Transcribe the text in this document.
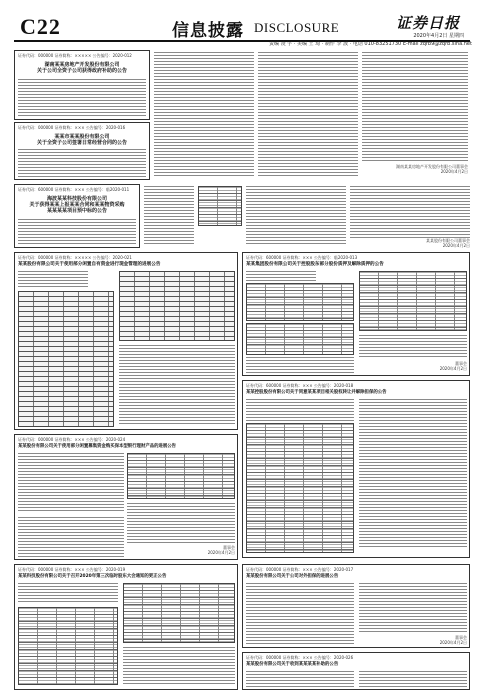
C22	信息披露 DISCLOSURE	证券日报
2020年4月2日 星期四
责编 凌 宇 · 美编 王 琦 · 制作 李 波 · 电话 010-83251730 E-mail zqrb9@zqrb.sina.net
证券代码：000000 证券简称：××××× 公告编号：2020-012
湖南某某房地产开发股份有限公司
关于公司全资子公司获得政府补助的公告
证券代码：000000 证券简称：××× 公告编号：2020-016
某某市某某股份有限公司
关于全资子公司签署日常经营合同的公告
湖南某某房地产开发股份有限公司董事会
2020年4月2日
证券代码：600000 证券简称：××× 公告编号：临2020-011
海波某某科技股份有限公司
关于获得某某上报某某合同和某某物资采购
某某某某项目预中标的公告
某某股份有限公司董事会
2020年4月2日
证券代码：000000 证券简称：××××× 公告编号：2020-021
某某股份有限公司关于使用部分闲置自有资金进行现金管理的进展公告
证券代码：600000 证券简称：××× 公告编号：临2020-013
某某集团股份有限公司关于控股股东部分股份质押及解除质押的公告
董事会
2020年4月2日
证券代码：600000 证券简称：××× 公告编号：2020-018
某某控股股份有限公司关于同意某某项目相关股权转让并解除担保的公告
证券代码：000000 证券简称：××× 公告编号：2020-024
某某股份有限公司关于使用部分闲置募集资金购买保本型银行理财产品的进展公告
董事会
2020年4月2日
证券代码：000000 证券简称：××× 公告编号：2020-019
某某科技股份有限公司关于召开2020年第三次临时股东大会通知的更正公告
证券代码：000000 证券简称：××× 公告编号：2020-017
某某股份有限公司关于公司对外担保的进展公告
董事会
2020年4月2日
证券代码：000000 证券简称：××× 公告编号：2020-026
某某股份有限公司关于收到某某某某补助的公告
